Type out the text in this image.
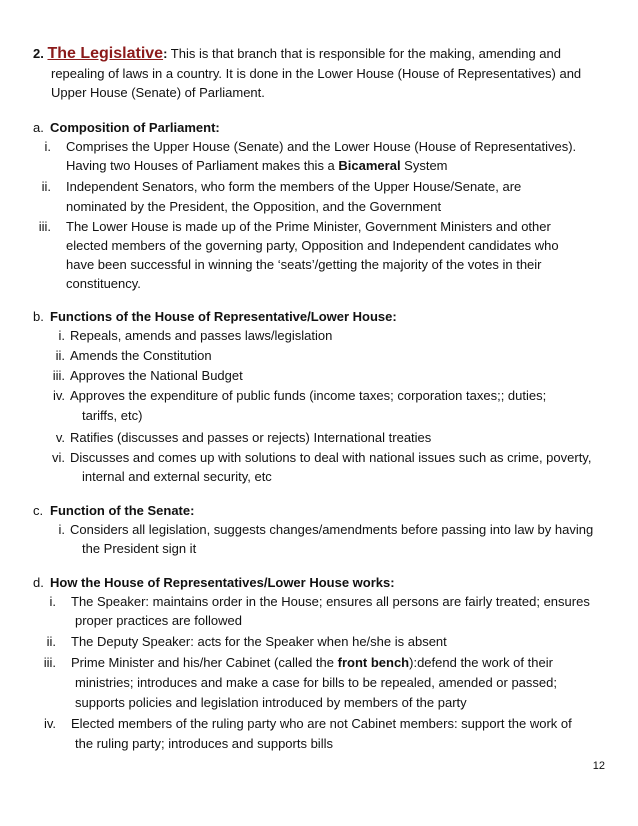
2. The Legislative: This is that branch that is responsible for the making, amending and
repealing of laws in a country. It is done in the Lower House (House of Representatives) and
Upper House (Senate) of Parliament.
a. Composition of Parliament:
i. Comprises the Upper House (Senate) and the Lower House (House of Representatives).
Having two Houses of Parliament makes this a Bicameral System
ii. Independent Senators, who form the members of the Upper House/Senate, are
nominated by the President, the Opposition, and the Government
iii. The Lower House is made up of the Prime Minister, Government Ministers and other
elected members of the governing party, Opposition and Independent candidates who
have been successful in winning the ‘seats’/getting the majority of the votes in their
constituency.
b. Functions of the House of Representative/Lower House:
i. Repeals, amends and passes laws/legislation
ii. Amends the Constitution
iii. Approves the National Budget
iv. Approves the expenditure of public funds (income taxes; corporation taxes;; duties;
tariffs, etc)
v. Ratifies (discusses and passes or rejects) International treaties
vi. Discusses and comes up with solutions to deal with national issues such as crime, poverty,
internal and external security, etc
c. Function of the Senate:
i. Considers all legislation, suggests changes/amendments before passing into law by having
the President sign it
d. How the House of Representatives/Lower House works:
i. The Speaker: maintains order in the House; ensures all persons are fairly treated; ensures
proper practices are followed
ii. The Deputy Speaker: acts for the Speaker when he/she is absent
iii. Prime Minister and his/her Cabinet (called the front bench):defend the work of their
ministries; introduces and make a case for bills to be repealed, amended or passed;
supports policies and legislation introduced by members of the party
iv. Elected members of the ruling party who are not Cabinet members: support the work of
the ruling party; introduces and supports bills
12
